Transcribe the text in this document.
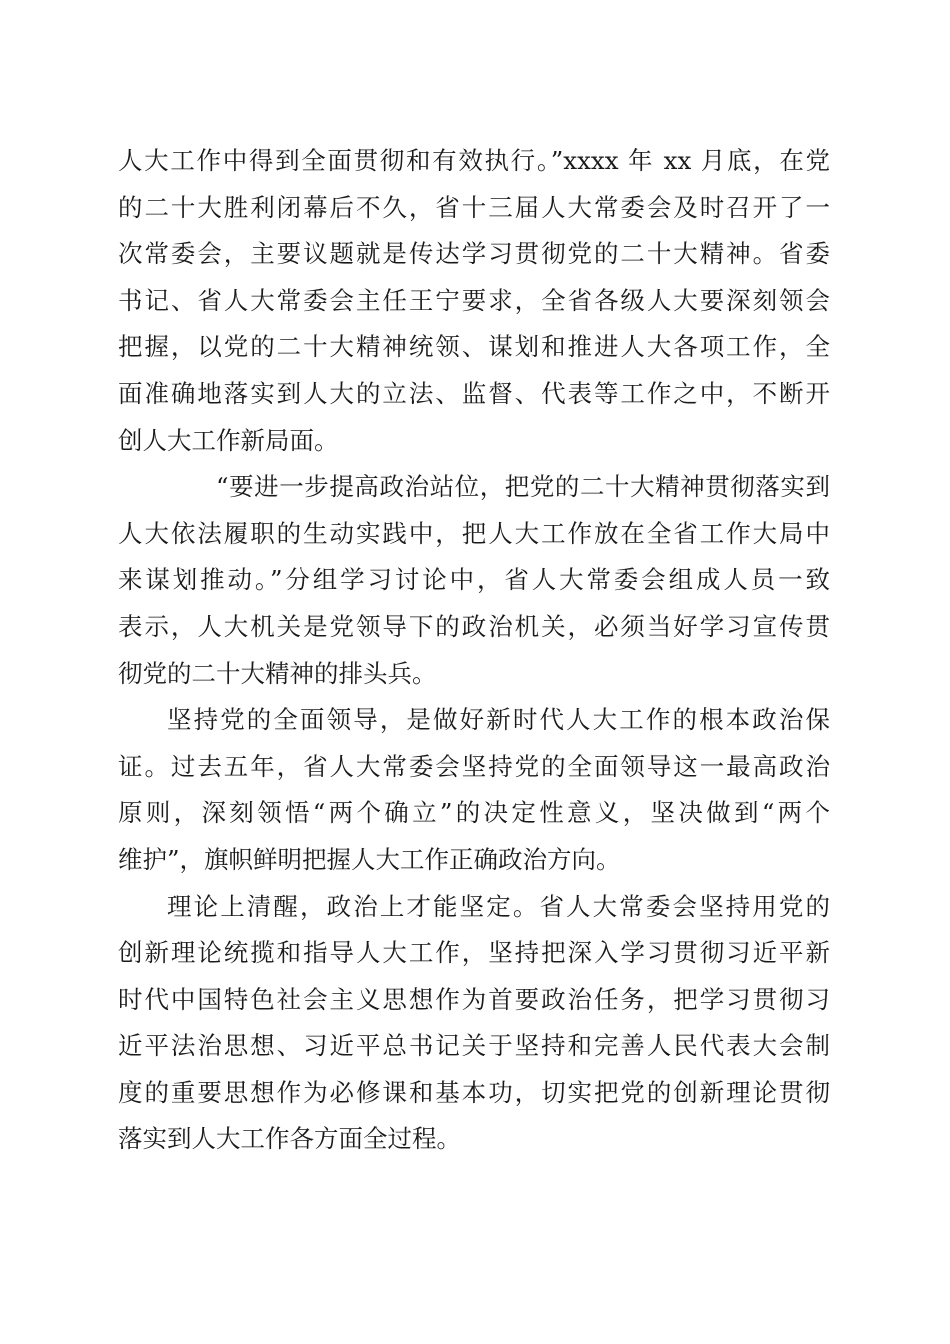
人大工作中得到全面贯彻和有效执行。”xxxx 年 xx 月底，在党
的二十大胜利闭幕后不久，省十三届人大常委会及时召开了一
次常委会，主要议题就是传达学习贯彻党的二十大精神。省委
书记、省人大常委会主任王宁要求，全省各级人大要深刻领会
把握，以党的二十大精神统领、谋划和推进人大各项工作，全
面准确地落实到人大的立法、监督、代表等工作之中，不断开
创人大工作新局面。
“要进一步提高政治站位，把党的二十大精神贯彻落实到
人大依法履职的生动实践中，把人大工作放在全省工作大局中
来谋划推动。”分组学习讨论中，省人大常委会组成人员一致
表示，人大机关是党领导下的政治机关，必须当好学习宣传贯
彻党的二十大精神的排头兵。
坚持党的全面领导，是做好新时代人大工作的根本政治保
证。过去五年，省人大常委会坚持党的全面领导这一最高政治
原则，深刻领悟“两个确立”的决定性意义，坚决做到“两个
维护”，旗帜鲜明把握人大工作正确政治方向。
理论上清醒，政治上才能坚定。省人大常委会坚持用党的
创新理论统揽和指导人大工作，坚持把深入学习贯彻习近平新
时代中国特色社会主义思想作为首要政治任务，把学习贯彻习
近平法治思想、习近平总书记关于坚持和完善人民代表大会制
度的重要思想作为必修课和基本功，切实把党的创新理论贯彻
落实到人大工作各方面全过程。
